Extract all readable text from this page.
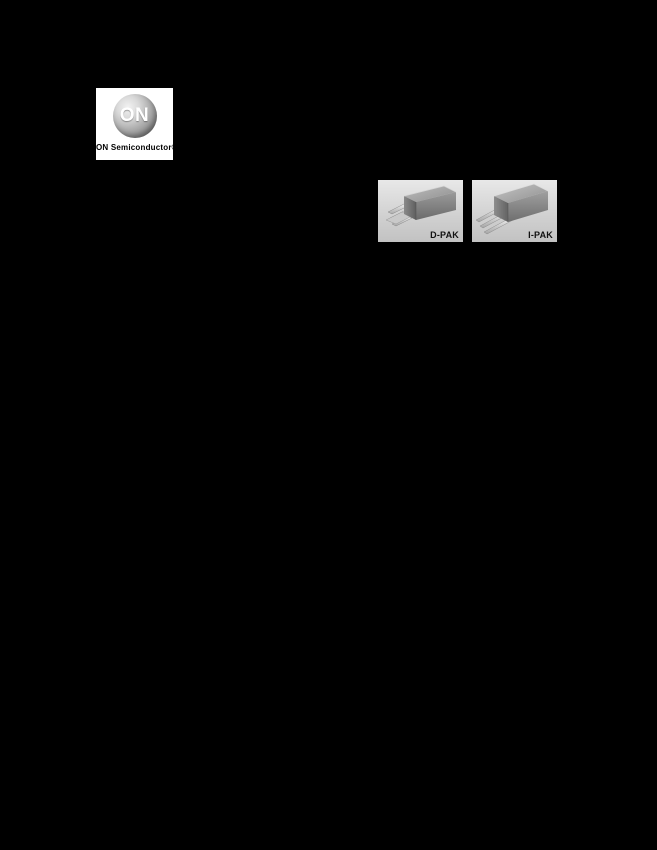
ON
ON Semiconductor®
D-PAK	I-PAK
